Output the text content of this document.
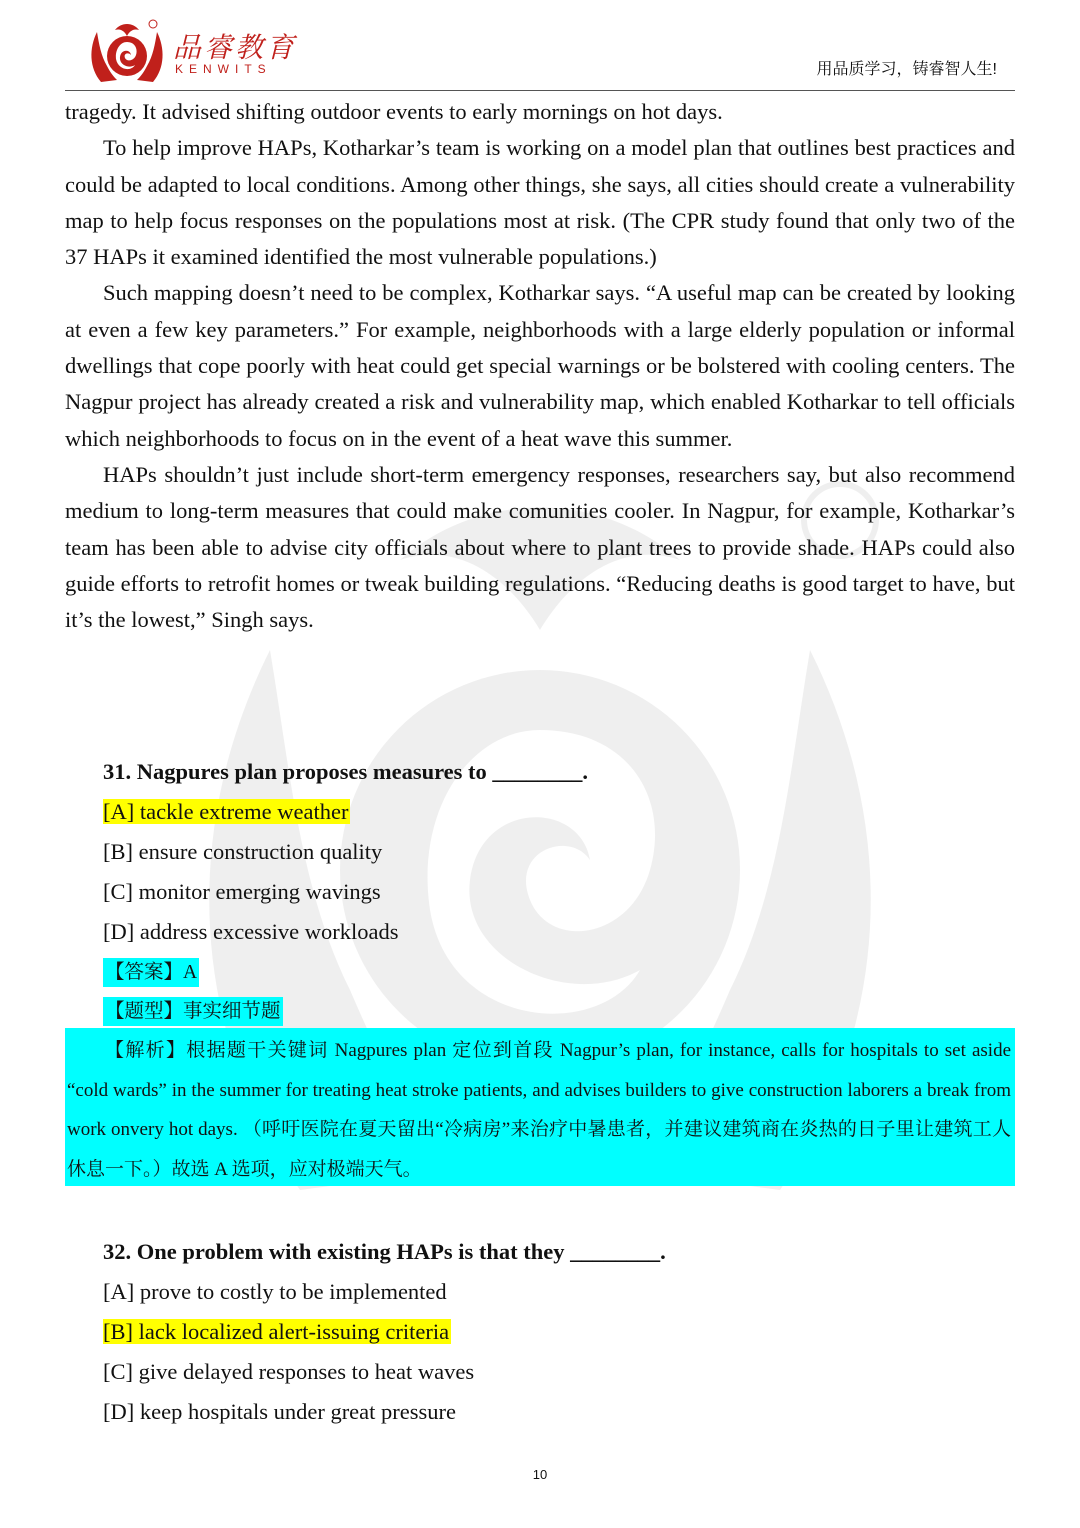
品睿教育
KENWITS	用品质学习，铸睿智人生!

tragedy. It advised shifting outdoor events to early mornings on hot days.

To help improve HAPs, Kotharkar’s team is working on a model plan that outlines best practices and could be adapted to local conditions. Among other things, she says, all cities should create a vulnerability map to help focus responses on the populations most at risk. (The CPR study found that only two of the 37 HAPs it examined identified the most vulnerable populations.)

Such mapping doesn’t need to be complex, Kotharkar says. “A useful map can be created by looking at even a few key parameters.” For example, neighborhoods with a large elderly population or informal dwellings that cope poorly with heat could get special warnings or be bolstered with cooling centers. The Nagpur project has already created a risk and vulnerability map, which enabled Kotharkar to tell officials which neighborhoods to focus on in the event of a heat wave this summer.

HAPs shouldn’t just include short-term emergency responses, researchers say, but also recommend medium to long-term measures that could make comunities cooler. In Nagpur, for example, Kotharkar’s team has been able to advise city officials about where to plant trees to provide shade. HAPs could also guide efforts to retrofit homes or tweak building regulations. “Reducing deaths is good target to have, but it’s the lowest,” Singh says.

31. Nagpures plan proposes measures to ________.
[A] tackle extreme weather
[B] ensure construction quality
[C] monitor emerging wavings
[D] address excessive workloads
【答案】A
【题型】事实细节题
【解析】根据题干关键词 Nagpures plan 定位到首段 Nagpur’s plan, for instance, calls for hospitals to set aside “cold wards” in the summer for treating heat stroke patients, and advises builders to give construction laborers a break from work onvery hot days. （呼吁医院在夏天留出“冷病房”来治疗中暑患者，并建议建筑商在炎热的日子里让建筑工人休息一下。）故选 A 选项，应对极端天气。
32. One problem with existing HAPs is that they ________.
[A] prove to costly to be implemented
[B] lack localized alert-issuing criteria
[C] give delayed responses to heat waves
[D] keep hospitals under great pressure
10
